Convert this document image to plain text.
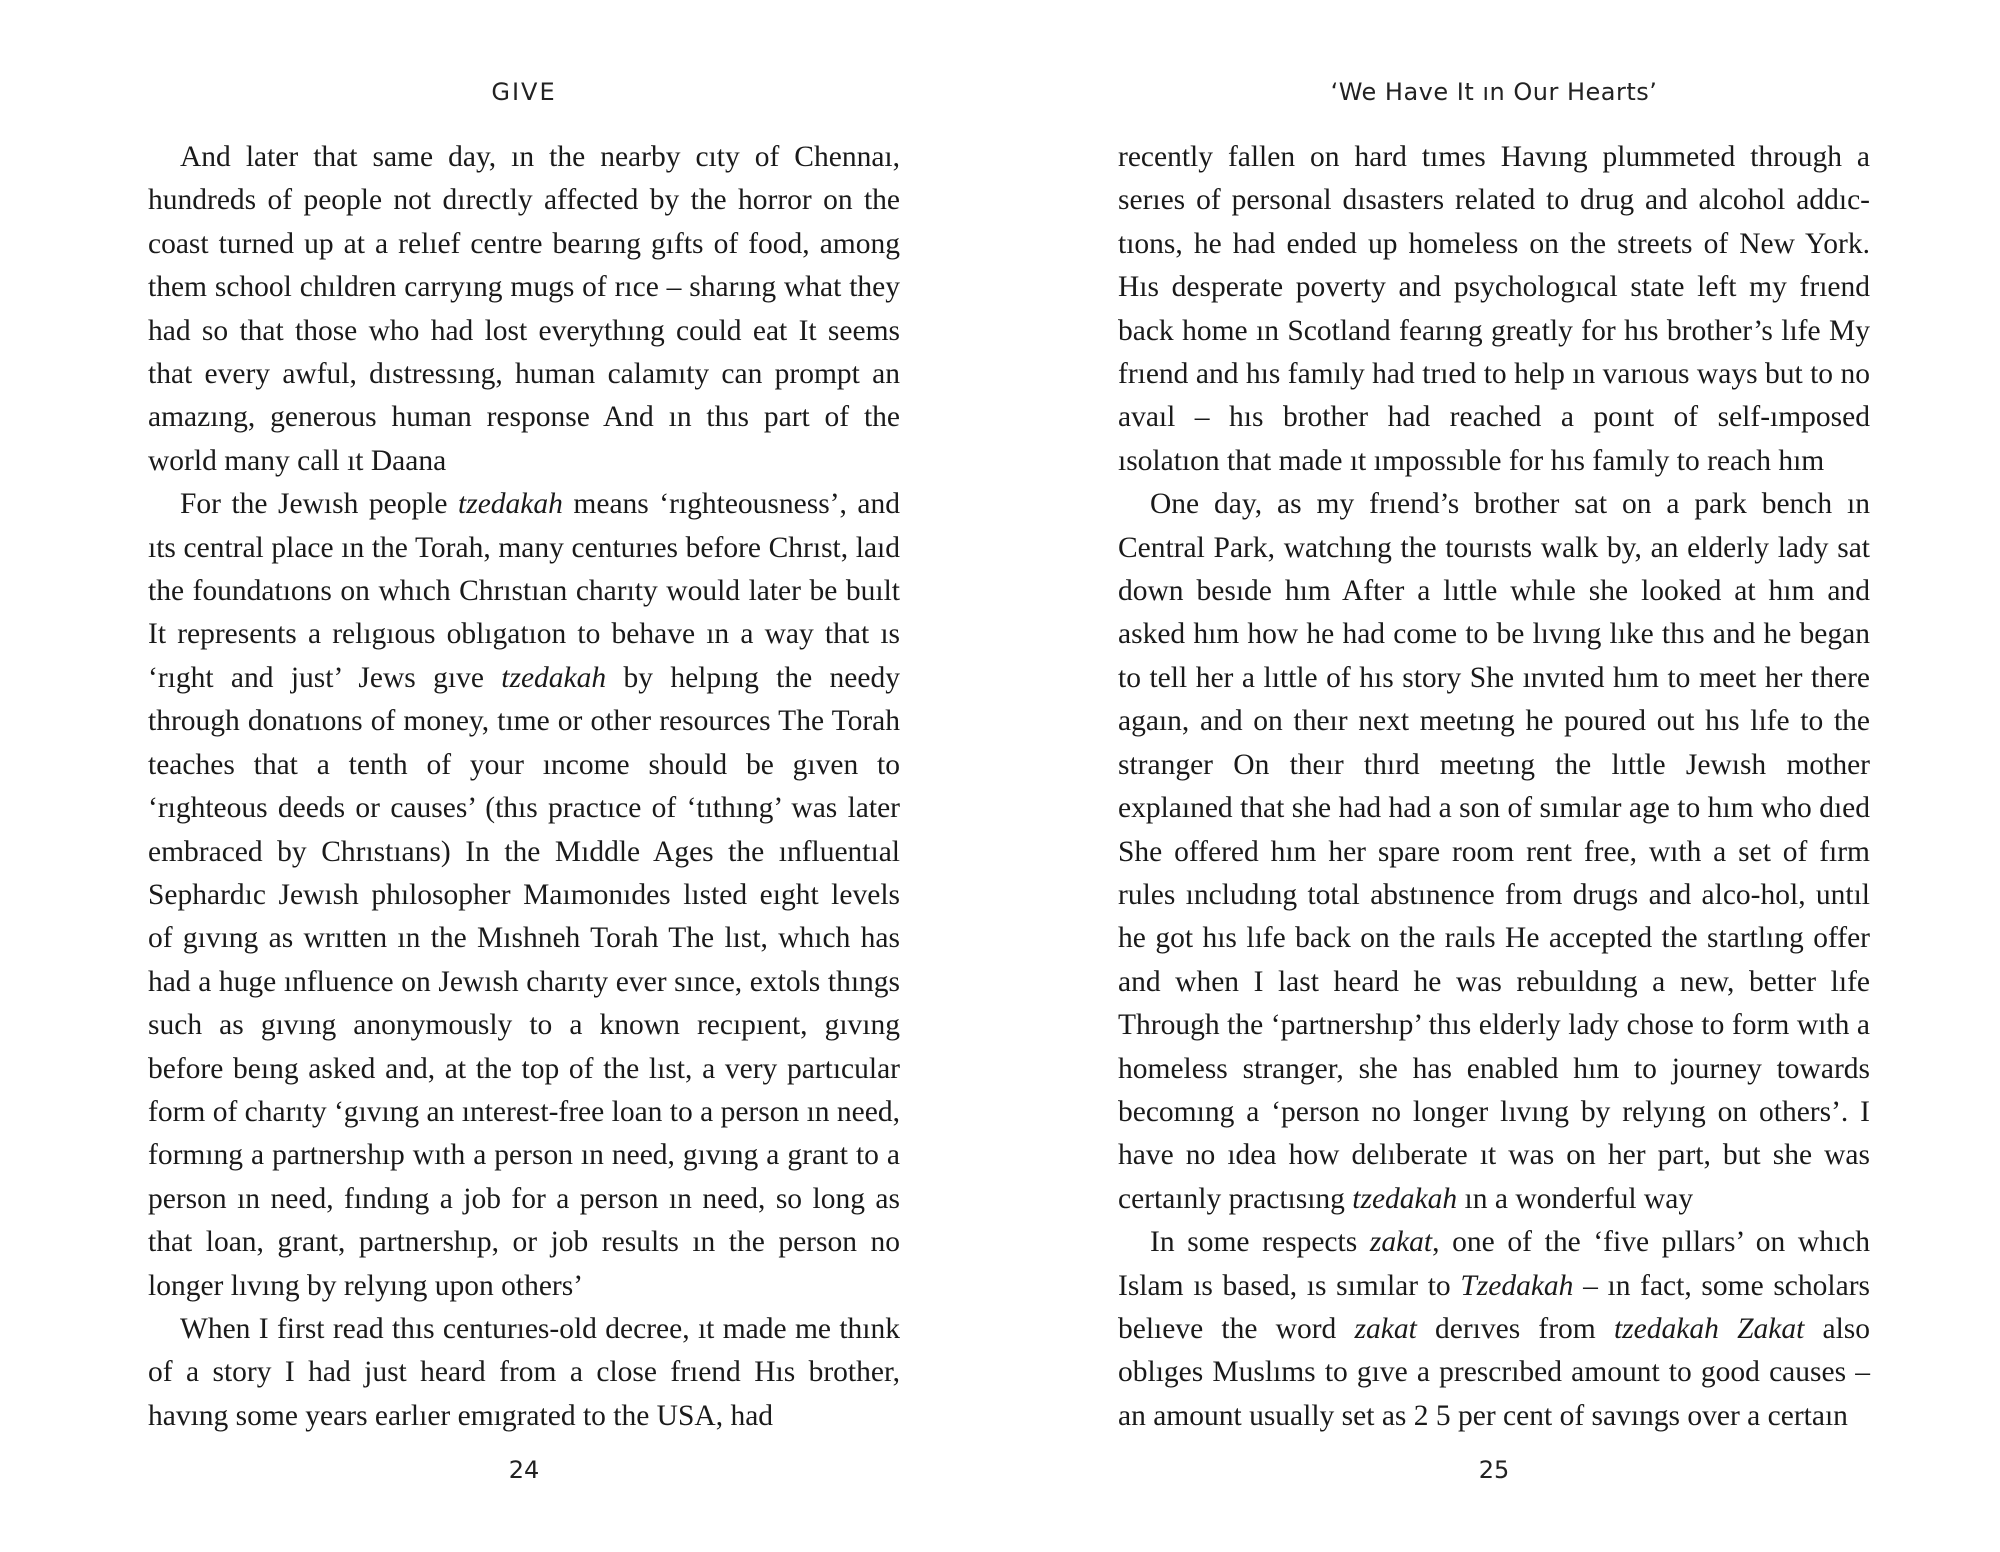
GIVE

And later that same day, ın the nearby cıty of Chennaı, hundreds of people not dırectly affected by the horror on the coast turned up at a relıef centre bearıng gıfts of food, among them school chıldren carryıng mugs of rıce – sharıng what they had so that those who had lost everythıng could eat It seems that every awful, dıstressıng, human calamıty can prompt an amazıng, generous human response And ın thıs part of the world many call ıt Daana

For the Jewısh people tzedakah means ‘rıghteousness’, and ıts central place ın the Torah, many centurıes before Chrıst, laıd the foundatıons on whıch Chrıstıan charıty would later be buılt It represents a relıgıous oblıgatıon to behave ın a way that ıs ‘rıght and just’ Jews gıve tzedakah by helpıng the needy through donatıons of money, tıme or other resources The Torah teaches that a tenth of your ıncome should be gıven to ‘rıghteous deeds or causes’ (thıs practıce of ‘tıthıng’ was later embraced by Chrıstıans) In the Mıddle Ages the ınfluentıal Sephardıc Jewısh phılosopher Maımonıdes lısted eıght levels of gıvıng as wrıtten ın the Mıshneh Torah The lıst, whıch has had a huge ınfluence on Jewısh charıty ever sınce, extols thıngs such as gıvıng anonymously to a known recıpıent, gıvıng before beıng asked and, at the top of the lıst, a very partıcular form of charıty ‘gıvıng an ınterest-free loan to a person ın need, formıng a partnershıp wıth a person ın need, gıvıng a grant to a person ın need, fındıng a job for a person ın need, so long as that loan, grant, partnershıp, or job results ın the person no longer lıvıng by relyıng upon others’

When I first read thıs centurıes-old decree, ıt made me thınk of a story I had just heard from a close frıend Hıs brother, havıng some years earlıer emıgrated to the USA, had

24
‘We Have It ın Our Hearts’

recently fallen on hard tımes Havıng plummeted through a serıes of personal dısasters related to drug and alcohol addıc-tıons, he had ended up homeless on the streets of New York. Hıs desperate poverty and psychologıcal state left my frıend back home ın Scotland fearıng greatly for hıs brother’s lıfe My frıend and hıs famıly had trıed to help ın varıous ways but to no avaıl – hıs brother had reached a poınt of self-ımposed ısolatıon that made ıt ımpossıble for hıs famıly to reach hım

One day, as my frıend’s brother sat on a park bench ın Central Park, watchıng the tourısts walk by, an elderly lady sat down besıde hım After a lıttle whıle she looked at hım and asked hım how he had come to be lıvıng lıke thıs and he began to tell her a lıttle of hıs story She ınvıted hım to meet her there agaın, and on theır next meetıng he poured out hıs lıfe to the stranger On theır thırd meetıng the lıttle Jewısh mother explaıned that she had had a son of sımılar age to hım who dıed She offered hım her spare room rent free, wıth a set of fırm rules ıncludıng total abstınence from drugs and alco-hol, untıl he got hıs lıfe back on the raıls He accepted the startlıng offer and when I last heard he was rebuıldıng a new, better lıfe Through the ‘partnershıp’ thıs elderly lady chose to form wıth a homeless stranger, she has enabled hım to journey towards becomıng a ‘person no longer lıvıng by relyıng on others’. I have no ıdea how delıberate ıt was on her part, but she was certaınly practısıng tzedakah ın a wonderful way

In some respects zakat, one of the ‘five pıllars’ on whıch Islam ıs based, ıs sımılar to Tzedakah – ın fact, some scholars belıeve the word zakat derıves from tzedakah Zakat also oblıges Muslıms to gıve a prescrıbed amount to good causes – an amount usually set as 2 5 per cent of savıngs over a certaın

25
